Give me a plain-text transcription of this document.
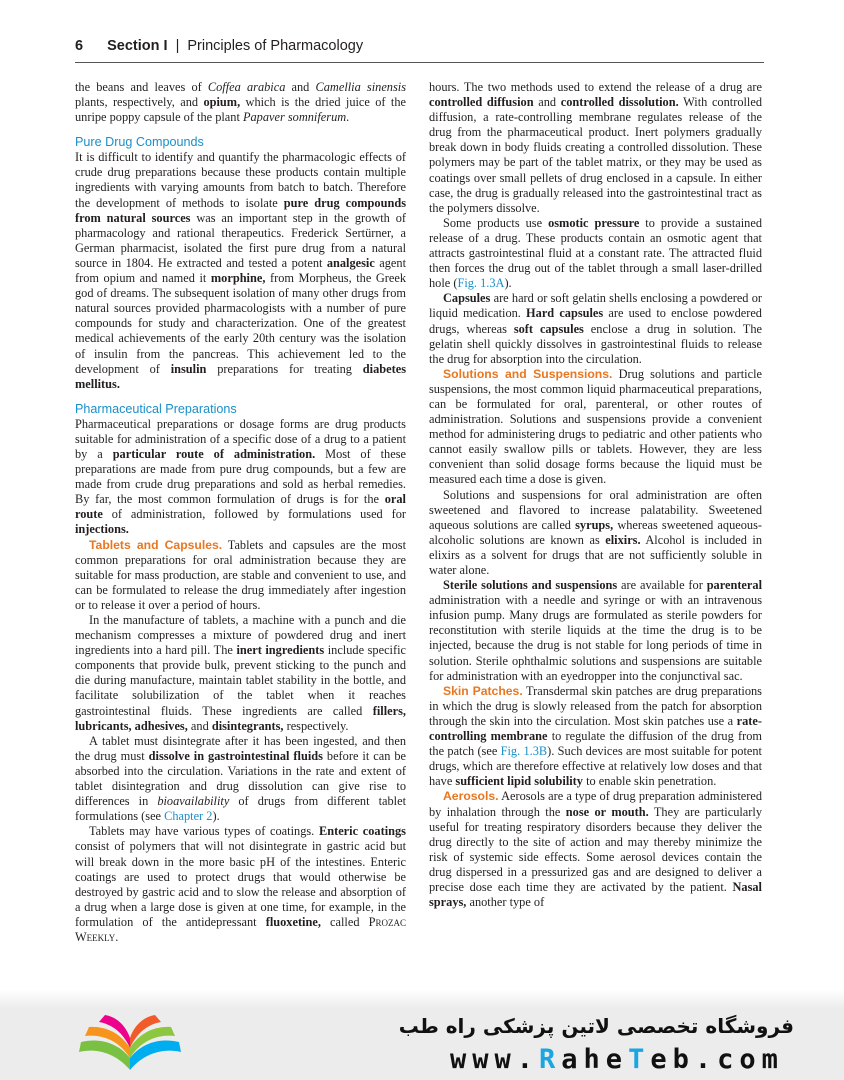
6 Section I | Principles of Pharmacology

the beans and leaves of Coffea arabica and Camellia sinensis plants, respectively, and opium, which is the dried juice of the unripe poppy capsule of the plant Papaver somniferum.

Pure Drug Compounds

It is difficult to identify and quantify the pharmacologic effects of crude drug preparations because these products contain multiple ingredients with varying amounts from batch to batch. Therefore the development of methods to isolate pure drug compounds from natural sources was an important step in the growth of pharmacology and rational therapeutics. Frederick Sertürner, a German pharmacist, isolated the first pure drug from a natural source in 1804. He extracted and tested a potent analgesic agent from opium and named it morphine, from Morpheus, the Greek god of dreams. The subsequent isolation of many other drugs from natural sources provided pharmacologists with a number of pure compounds for study and characterization. One of the greatest medical achievements of the early 20th century was the isolation of insulin from the pancreas. This achievement led to the development of insulin preparations for treating diabetes mellitus.

Pharmaceutical Preparations

Pharmaceutical preparations or dosage forms are drug products suitable for administration of a specific dose of a drug to a patient by a particular route of administration. Most of these preparations are made from pure drug compounds, but a few are made from crude drug preparations and sold as herbal remedies. By far, the most common formulation of drugs is for the oral route of administration, followed by formulations used for injections.

Tablets and Capsules. Tablets and capsules are the most common preparations for oral administration because they are suitable for mass production, are stable and convenient to use, and can be formulated to release the drug immediately after ingestion or to release it over a period of hours.

In the manufacture of tablets, a machine with a punch and die mechanism compresses a mixture of powdered drug and inert ingredients into a hard pill. The inert ingredients include specific components that provide bulk, prevent sticking to the punch and die during manufacture, maintain tablet stability in the bottle, and facilitate solubilization of the tablet when it reaches gastrointestinal fluids. These ingredients are called fillers, lubricants, adhesives, and disintegrants, respectively.

A tablet must disintegrate after it has been ingested, and then the drug must dissolve in gastrointestinal fluids before it can be absorbed into the circulation. Variations in the rate and extent of tablet disintegration and drug dissolution can give rise to differences in bioavailability of drugs from different tablet formulations (see Chapter 2).

Tablets may have various types of coatings. Enteric coatings consist of polymers that will not disintegrate in gastric acid but will break down in the more basic pH of the intestines. Enteric coatings are used to protect drugs that would otherwise be destroyed by gastric acid and to slow the release and absorption of a drug when a large dose is given at one time, for example, in the formulation of the antidepressant fluoxetine, called Prozac Weekly.

hours. The two methods used to extend the release of a drug are controlled diffusion and controlled dissolution. With controlled diffusion, a rate-controlling membrane regulates release of the drug from the pharmaceutical product. Inert polymers gradually break down in body fluids creating a controlled dissolution. These polymers may be part of the tablet matrix, or they may be used as coatings over small pellets of drug enclosed in a capsule. In either case, the drug is gradually released into the gastrointestinal tract as the polymers dissolve.

Some products use osmotic pressure to provide a sustained release of a drug. These products contain an osmotic agent that attracts gastrointestinal fluid at a constant rate. The attracted fluid then forces the drug out of the tablet through a small laser-drilled hole (Fig. 1.3A).

Capsules are hard or soft gelatin shells enclosing a powdered or liquid medication. Hard capsules are used to enclose powdered drugs, whereas soft capsules enclose a drug in solution. The gelatin shell quickly dissolves in gastrointestinal fluids to release the drug for absorption into the circulation.

Solutions and Suspensions. Drug solutions and particle suspensions, the most common liquid pharmaceutical preparations, can be formulated for oral, parenteral, or other routes of administration. Solutions and suspensions provide a convenient method for administering drugs to pediatric and other patients who cannot easily swallow pills or tablets. However, they are less convenient than solid dosage forms because the liquid must be measured each time a dose is given.

Solutions and suspensions for oral administration are often sweetened and flavored to increase palatability. Sweetened aqueous solutions are called syrups, whereas sweetened aqueous-alcoholic solutions are known as elixirs. Alcohol is included in elixirs as a solvent for drugs that are not sufficiently soluble in water alone.

Sterile solutions and suspensions are available for parenteral administration with a needle and syringe or with an intravenous infusion pump. Many drugs are formulated as sterile powders for reconstitution with sterile liquids at the time the drug is to be injected, because the drug is not stable for long periods of time in solution. Sterile ophthalmic solutions and suspensions are suitable for administration with an eyedropper into the conjunctival sac.

Skin Patches. Transdermal skin patches are drug preparations in which the drug is slowly released from the patch for absorption through the skin into the circulation. Most skin patches use a rate-controlling membrane to regulate the diffusion of the drug from the patch (see Fig. 1.3B). Such devices are most suitable for potent drugs, which are therefore effective at relatively low doses and that have sufficient lipid solubility to enable skin penetration.

Aerosols. Aerosols are a type of drug preparation administered by inhalation through the nose or mouth. They are particularly useful for treating respiratory disorders because they deliver the drug directly to the site of action and may thereby minimize the risk of systemic side effects. Some aerosol devices contain the drug dispersed in a pressurized gas and are designed to deliver a precise dose each time they are activated by the patient. Nasal sprays, another type of

فروشگاه تخصصی لاتین پزشکی راه طب
www.RaheTeb.com
